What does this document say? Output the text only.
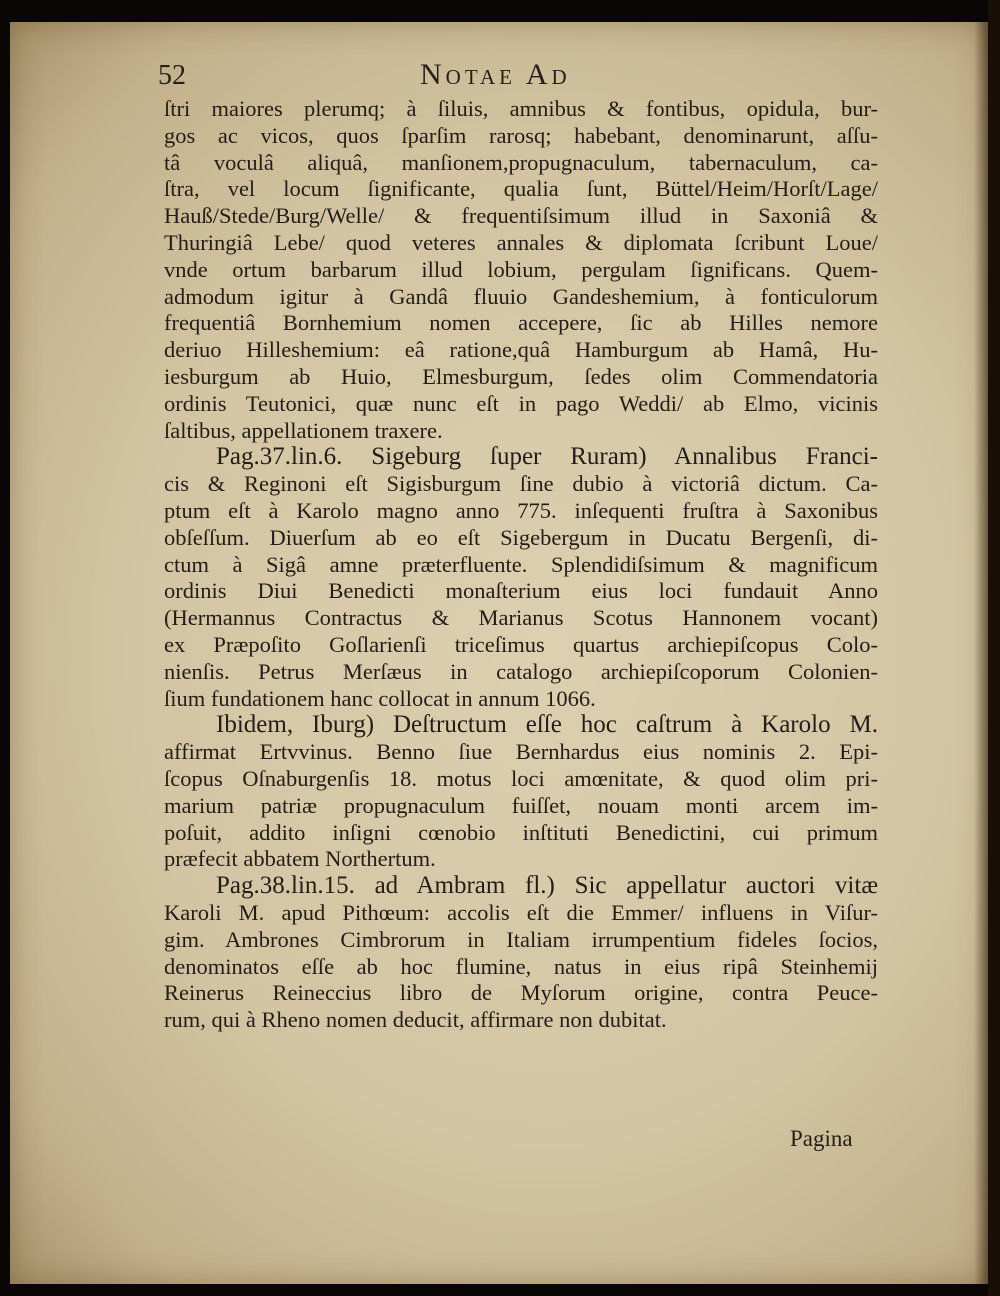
52	Notae Ad
ſtri maiores plerumq; à ſiluis, amnibus & fontibus, opidula, bur-
gos ac vicos, quos ſparſim rarosq; habebant, denominarunt, aſſu-
tâ voculâ aliquâ, manſionem,propugnaculum, tabernaculum, ca-
ſtra, vel locum ſignificante, qualia ſunt, Büttel/Heim/Horſt/Lage/
Hauß/Stede/Burg/Welle/ & frequentiſsimum illud in Saxoniâ &
Thuringiâ Lebe/ quod veteres annales & diplomata ſcribunt Loue/
vnde ortum barbarum illud lobium, pergulam ſignificans. Quem-
admodum igitur à Gandâ fluuio Gandeshemium, à fonticulorum
frequentiâ Bornhemium nomen accepere, ſic ab Hilles nemore
deriuo Hilleshemium: eâ ratione,quâ Hamburgum ab Hamâ, Hu-
iesburgum ab Huio, Elmesburgum, ſedes olim Commendatoria
ordinis Teutonici, quæ nunc eſt in pago Weddi/ ab Elmo, vicinis
ſaltibus, appellationem traxere.
Pag.37.lin.6. Sigeburg ſuper Ruram) Annalibus Franci-
cis & Reginoni eſt Sigisburgum ſine dubio à victoriâ dictum. Ca-
ptum eſt à Karolo magno anno 775. inſequenti fruſtra à Saxonibus
obſeſſum. Diuerſum ab eo eſt Sigebergum in Ducatu Bergenſi, di-
ctum à Sigâ amne præterfluente. Splendidiſsimum & magnificum
ordinis Diui Benedicti monaſterium eius loci fundauit Anno
(Hermannus Contractus & Marianus Scotus Hannonem vocant)
ex Præpoſito Goſlarienſi triceſimus quartus archiepiſcopus Colo-
nienſis. Petrus Merſæus in catalogo archiepiſcoporum Colonien-
ſium fundationem hanc collocat in annum 1066.
Ibidem, Iburg) Deſtructum eſſe hoc caſtrum à Karolo M.
affirmat Ertvvinus. Benno ſiue Bernhardus eius nominis 2. Epi-
ſcopus Oſnaburgenſis 18. motus loci amœnitate, & quod olim pri-
marium patriæ propugnaculum fuiſſet, nouam monti arcem im-
poſuit, addito inſigni cœnobio inſtituti Benedictini, cui primum
præfecit abbatem Northertum.
Pag.38.lin.15. ad Ambram fl.) Sic appellatur auctori vitæ
Karoli M. apud Pithœum: accolis eſt die Emmer/ influens in Viſur-
gim. Ambrones Cimbrorum in Italiam irrumpentium fideles ſocios,
denominatos eſſe ab hoc flumine, natus in eius ripâ Steinhemij
Reinerus Reineccius libro de Myſorum origine, contra Peuce-
rum, qui à Rheno nomen deducit, affirmare non dubitat.
Pagina
